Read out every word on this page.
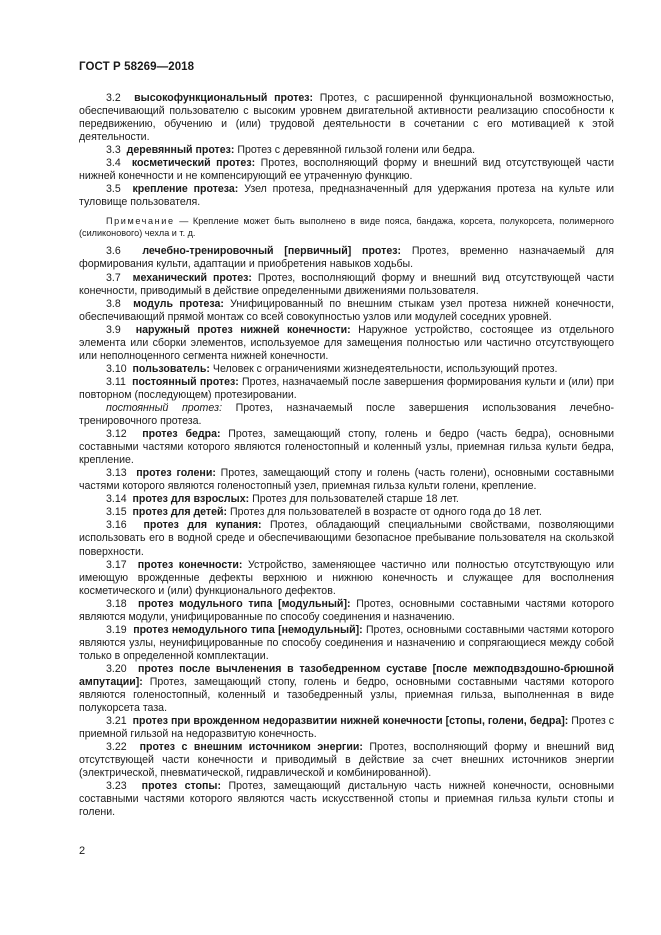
ГОСТ Р 58269—2018

3.2 высокофункциональный протез: Протез, с расширенной функциональной возможностью, обеспечивающий пользователю с высоким уровнем двигательной активности реализацию способности к передвижению, обучению и (или) трудовой деятельности в сочетании с его мотивацией к этой деятельности.

3.3 деревянный протез: Протез с деревянной гильзой голени или бедра.

3.4 косметический протез: Протез, восполняющий форму и внешний вид отсутствующей части нижней конечности и не компенсирующий ее утраченную функцию.

3.5 крепление протеза: Узел протеза, предназначенный для удержания протеза на культе или туловище пользователя.

Примечание — Крепление может быть выполнено в виде пояса, бандажа, корсета, полукорсета, полимерного (силиконового) чехла и т. д.

3.6 лечебно-тренировочный [первичный] протез: Протез, временно назначаемый для формирования культи, адаптации и приобретения навыков ходьбы.

3.7 механический протез: Протез, восполняющий форму и внешний вид отсутствующей части конечности, приводимый в действие определенными движениями пользователя.

3.8 модуль протеза: Унифицированный по внешним стыкам узел протеза нижней конечности, обеспечивающий прямой монтаж со всей совокупностью узлов или модулей соседних уровней.

3.9 наружный протез нижней конечности: Наружное устройство, состоящее из отдельного элемента или сборки элементов, используемое для замещения полностью или частично отсутствующего или неполноценного сегмента нижней конечности.

3.10 пользователь: Человек с ограничениями жизнедеятельности, использующий протез.

3.11 постоянный протез: Протез, назначаемый после завершения формирования культи и (или) при повторном (последующем) протезировании.

постоянный протез: Протез, назначаемый после завершения использования лечебно-тренировочного протеза.

3.12 протез бедра: Протез, замещающий стопу, голень и бедро (часть бедра), основными составными частями которого являются голеностопный и коленный узлы, приемная гильза культи бедра, крепление.

3.13 протез голени: Протез, замещающий стопу и голень (часть голени), основными составными частями которого являются голеностопный узел, приемная гильза культи голени, крепление.

3.14 протез для взрослых: Протез для пользователей старше 18 лет.

3.15 протез для детей: Протез для пользователей в возрасте от одного года до 18 лет.

3.16 протез для купания: Протез, обладающий специальными свойствами, позволяющими использовать его в водной среде и обеспечивающими безопасное пребывание пользователя на скользкой поверхности.

3.17 протез конечности: Устройство, заменяющее частично или полностью отсутствующую или имеющую врожденные дефекты верхнюю и нижнюю конечность и служащее для восполнения косметического и (или) функционального дефектов.

3.18 протез модульного типа [модульный]: Протез, основными составными частями которого являются модули, унифицированные по способу соединения и назначению.

3.19 протез немодульного типа [немодульный]: Протез, основными составными частями которого являются узлы, неунифицированные по способу соединения и назначению и сопрягающиеся между собой только в определенной комплектации.

3.20 протез после вычленения в тазобедренном суставе [после межподвздошно-брюшной ампутации]: Протез, замещающий стопу, голень и бедро, основными составными частями которого являются голеностопный, коленный и тазобедренный узлы, приемная гильза, выполненная в виде полукорсета таза.

3.21 протез при врожденном недоразвитии нижней конечности [стопы, голени, бедра]: Протез с приемной гильзой на недоразвитую конечность.

3.22 протез с внешним источником энергии: Протез, восполняющий форму и внешний вид отсутствующей части конечности и приводимый в действие за счет внешних источников энергии (электрической, пневматической, гидравлической и комбинированной).

3.23 протез стопы: Протез, замещающий дистальную часть нижней конечности, основными составными частями которого являются часть искусственной стопы и приемная гильза культи стопы и голени.

2
